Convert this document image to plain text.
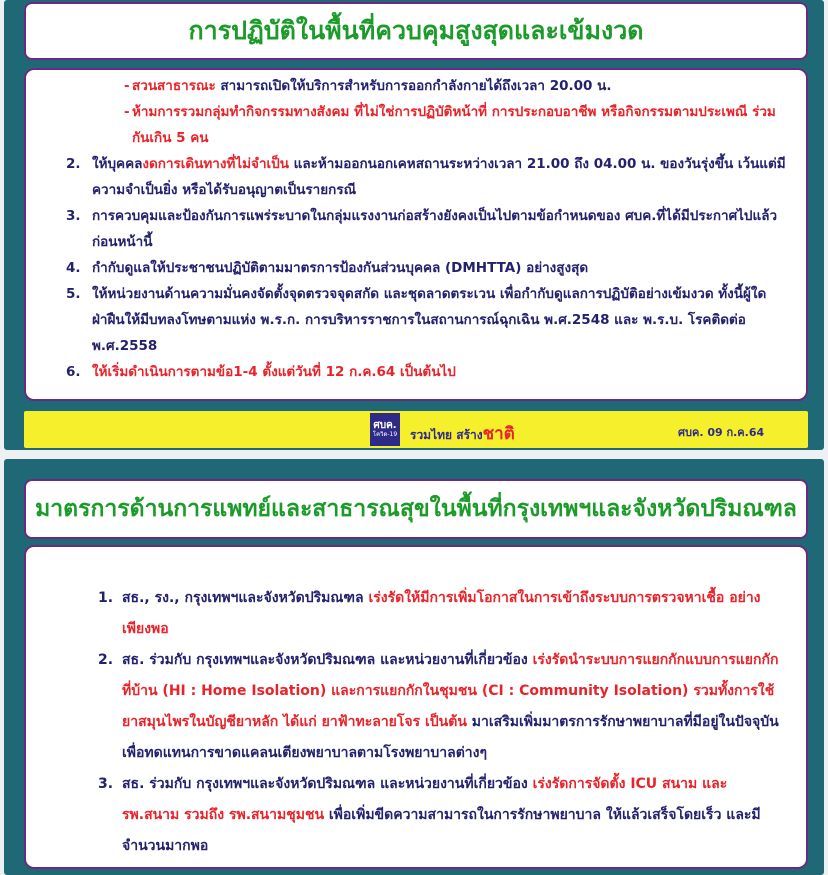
การปฏิบัติในพื้นที่ควบคุมสูงสุดและเข้มงวด
- สวนสาธารณะ สามารถเปิดให้บริการสำหรับการออกกำลังกายได้ถึงเวลา 20.00 น.
- ห้ามการรวมกลุ่มทำกิจกรรมทางสังคม ที่ไม่ใช่การปฏิบัติหน้าที่ การประกอบอาชีพ หรือกิจกรรมตามประเพณี ร่วมกันเกิน 5 คน
2. ให้บุคคลงดการเดินทางที่ไม่จำเป็น และห้ามออกนอกเคหสถานระหว่างเวลา 21.00 ถึง 04.00 น. ของวันรุ่งขึ้น เว้นแต่มีความจำเป็นยิ่ง หรือได้รับอนุญาตเป็นรายกรณี
3. การควบคุมและป้องกันการแพร่ระบาดในกลุ่มแรงงานก่อสร้างยังคงเป็นไปตามข้อกำหนดของ ศบค.ที่ได้มีประกาศไปแล้วก่อนหน้านี้
4. กำกับดูแลให้ประชาชนปฏิบัติตามมาตรการป้องกันส่วนบุคคล (DMHTTA) อย่างสูงสุด
5. ให้หน่วยงานด้านความมั่นคงจัดตั้งจุดตรวจจุดสกัด และชุดลาดตระเวน เพื่อกำกับดูแลการปฏิบัติอย่างเข้มงวด ทั้งนี้ผู้ใดฝ่าฝืนให้มีบทลงโทษตามแห่ง พ.ร.ก. การบริหารราชการในสถานการณ์ฉุกเฉิน พ.ศ.2548 และ พ.ร.บ. โรคติดต่อ พ.ศ.2558
6. ให้เริ่มดำเนินการตามข้อ1-4 ตั้งแต่วันที่ 12 ก.ค.64 เป็นต้นไป
ศบค.
โควิด-19 รวมไทย สร้างชาติ	ศบค. 09 ก.ค.64
มาตรการด้านการแพทย์และสาธารณสุขในพื้นที่กรุงเทพฯและจังหวัดปริมณฑล
1. สธ., รง., กรุงเทพฯและจังหวัดปริมณฑล เร่งรัดให้มีการเพิ่มโอกาสในการเข้าถึงระบบการตรวจหาเชื้อ อย่างเพียงพอ
2. สธ. ร่วมกับ กรุงเทพฯและจังหวัดปริมณฑล และหน่วยงานที่เกี่ยวข้อง เร่งรัดนำระบบการแยกกักแบบการแยกกักที่บ้าน (HI : Home Isolation) และการแยกกักในชุมชน (CI : Community Isolation) รวมทั้งการใช้ยาสมุนไพรในบัญชียาหลัก ได้แก่ ยาฟ้าทะลายโจร เป็นต้น มาเสริมเพิ่มมาตรการรักษาพยาบาลที่มีอยู่ในปัจจุบัน เพื่อทดแทนการขาดแคลนเตียงพยาบาลตามโรงพยาบาลต่างๆ
3. สธ. ร่วมกับ กรุงเทพฯและจังหวัดปริมณฑล และหน่วยงานที่เกี่ยวข้อง เร่งรัดการจัดตั้ง ICU สนาม และ รพ.สนาม รวมถึง รพ.สนามชุมชน เพื่อเพิ่มขีดความสามารถในการรักษาพยาบาล ให้แล้วเสร็จโดยเร็ว และมีจำนวนมากพอ
